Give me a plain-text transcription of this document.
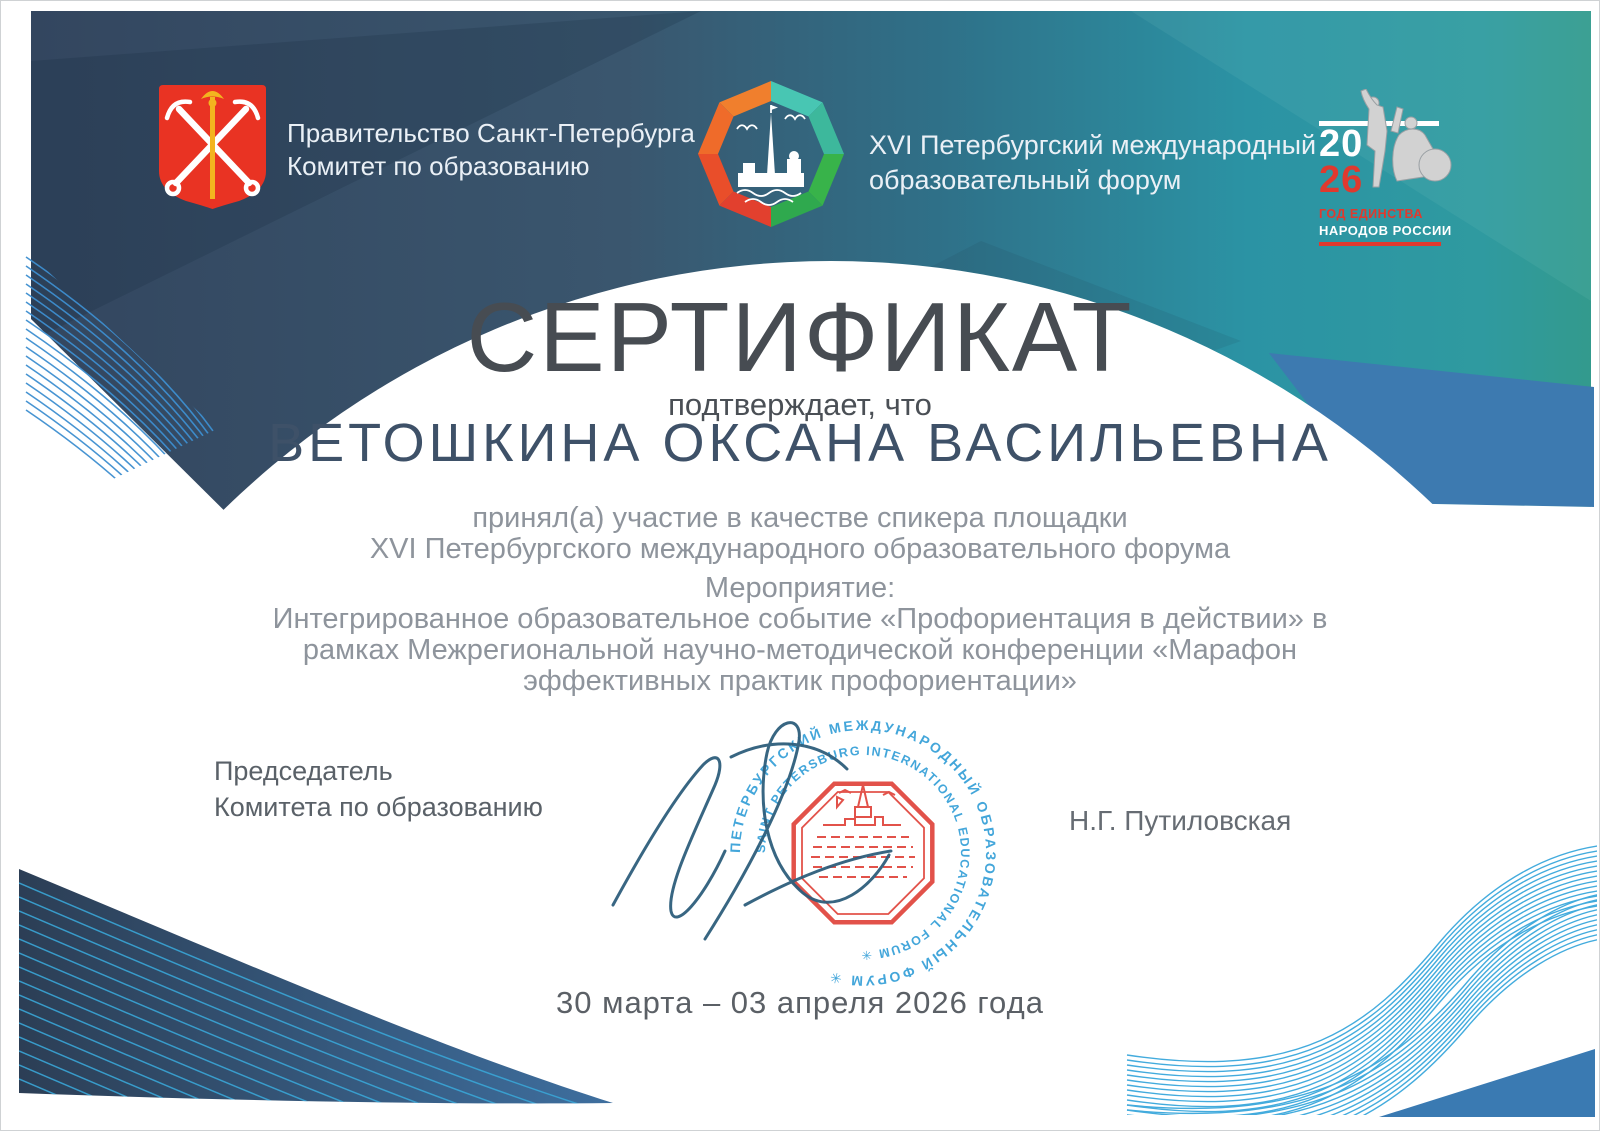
ПЕТЕРБУРГСКИЙ МЕЖДУНАРОДНЫЙ ОБРАЗОВАТЕЛЬНЫЙ ФОРУМ ✳
SAINT PETERSBURG INTERNATIONAL EDUCATIONAL FORUM ✳
Правительство Санкт-Петербурга
Комитет по образованию
XVI Петербургский международный
образовательный форум
20
26
ГОД ЕДИНСТВА
НАРОДОВ РОССИИ
СЕРТИФИКАТ
подтверждает, что
ВЕТОШКИНА ОКСАНА ВАСИЛЬЕВНА
принял(а) участие в качестве спикера площадки
XVI Петербургского международного образовательного форума
Мероприятие:
Интегрированное образовательное событие «Профориентация в действии» в
рамках Межрегиональной научно-методической конференции «Марафон
эффективных практик профориентации»
Председатель
Комитета по образованию	Н.Г. Путиловская
30 марта – 03 апреля 2026 года
